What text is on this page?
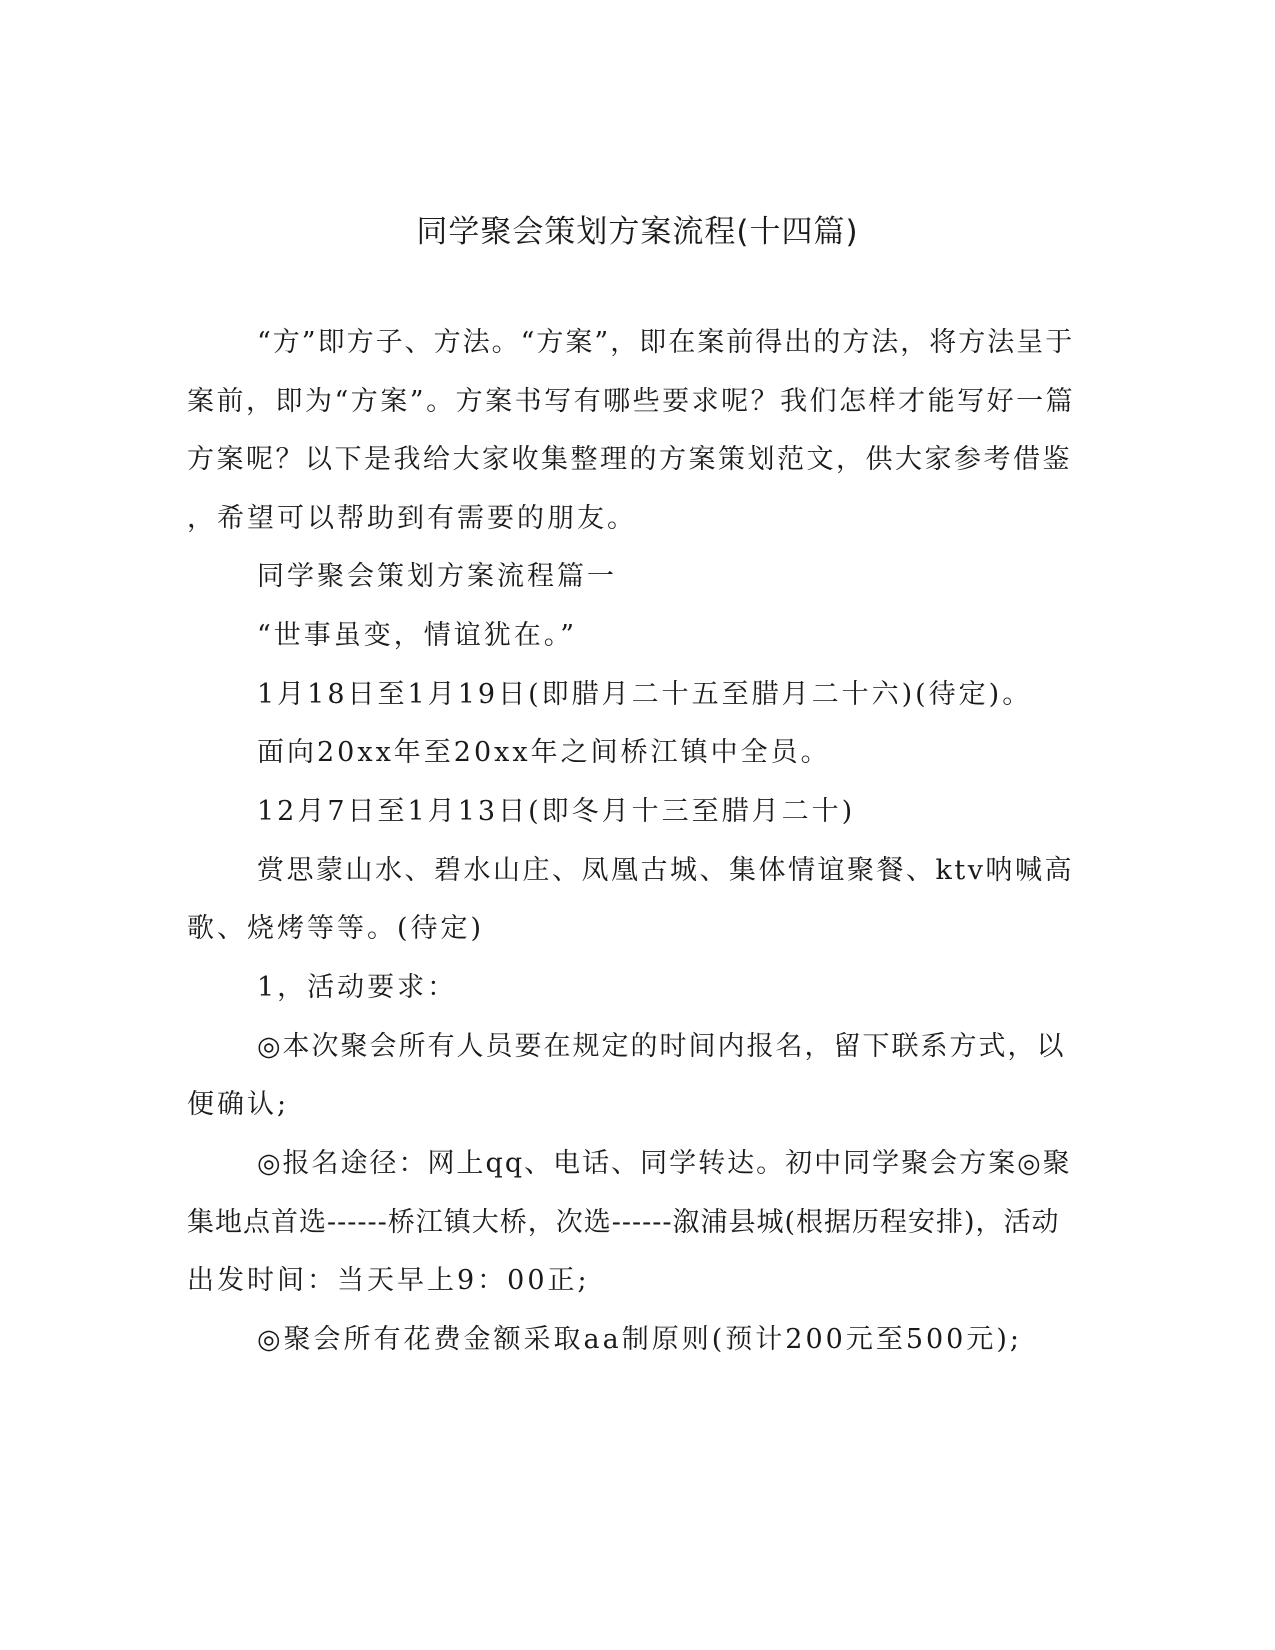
同学聚会策划方案流程(十四篇)

“方”即方子、方法。“方案”，即在案前得出的方法，将方法呈于

案前，即为“方案”。方案书写有哪些要求呢？我们怎样才能写好一篇

方案呢？以下是我给大家收集整理的方案策划范文，供大家参考借鉴

，希望可以帮助到有需要的朋友。

同学聚会策划方案流程篇一

“世事虽变，情谊犹在。”

1月18日至1月19日(即腊月二十五至腊月二十六)(待定)。

面向20xx年至20xx年之间桥江镇中全员。

12月7日至1月13日(即冬月十三至腊月二十)

赏思蒙山水、碧水山庄、凤凰古城、集体情谊聚餐、ktv呐喊高

歌、烧烤等等。(待定)

1，活动要求：

◎本次聚会所有人员要在规定的时间内报名，留下联系方式，以

便确认;

◎报名途径：网上qq、电话、同学转达。初中同学聚会方案◎聚

集地点首选------桥江镇大桥，次选------溆浦县城(根据历程安排)，活动

出发时间：当天早上9：00正;

◎聚会所有花费金额采取aa制原则(预计200元至500元);
